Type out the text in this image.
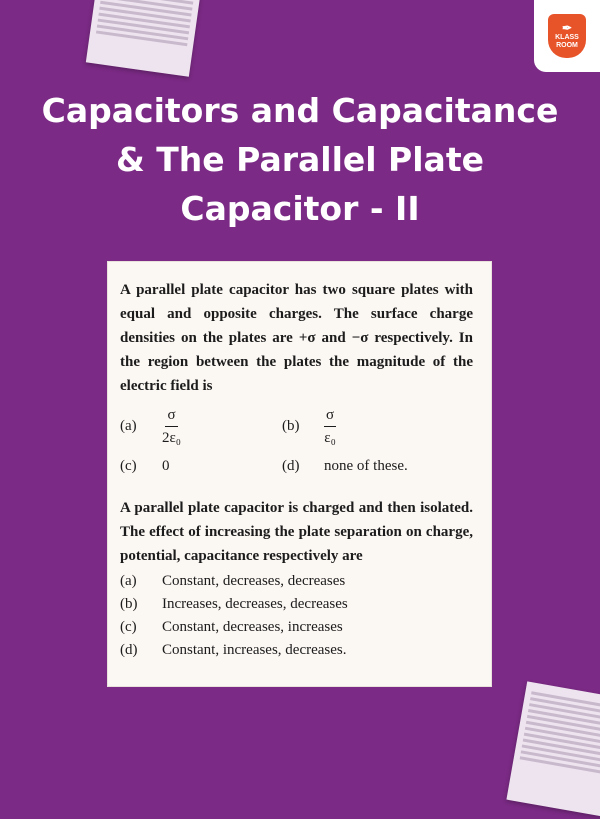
✒
KLASS
ROOM
Capacitors and Capacitance
& The Parallel Plate
Capacitor - II

A parallel plate capacitor has two square plates with equal and opposite charges. The surface charge densities on the plates are +σ and −σ respectively. In the region between the plates the magnitude of the electric field is

(a)	$\frac{\sigma}{\text{2ε₀}}$	(b)	$\frac{\sigma}{\text{ε₀}}$
(c)	0	(d)	none of these.

A parallel plate capacitor is charged and then isolated. The effect of increasing the plate separation on charge, potential, capacitance respectively are

(a)	Constant, decreases, decreases
(b)	Increases, decreases, decreases
(c)	Constant, decreases, increases
(d)	Constant, increases, decreases.
